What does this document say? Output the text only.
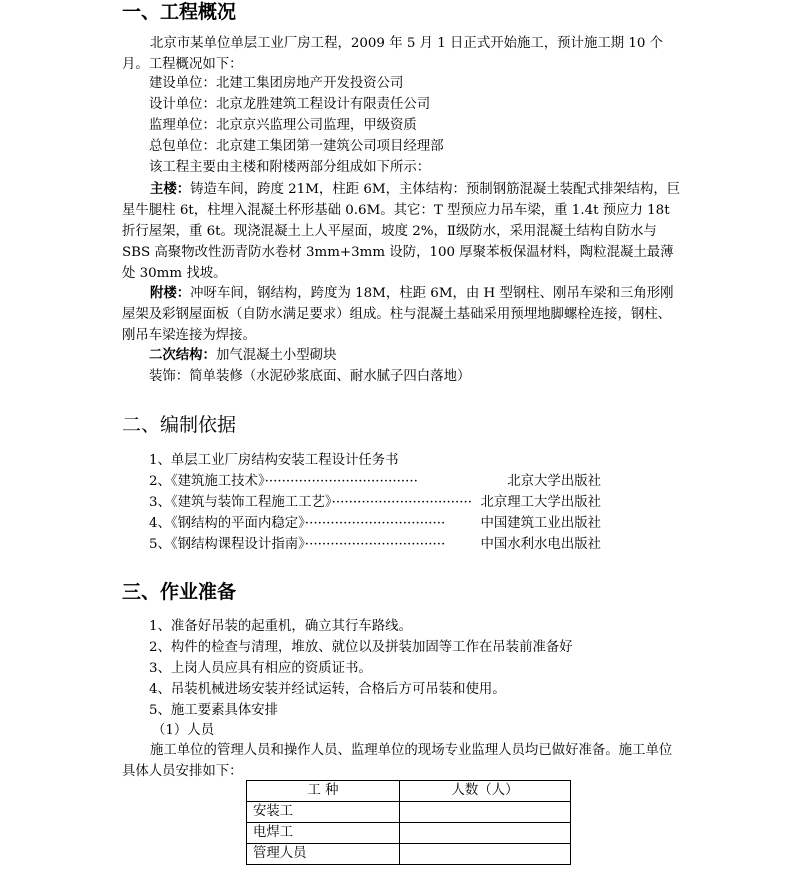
一、工程概况
北京市某单位单层工业厂房工程，2009 年 5 月 1 日正式开始施工，预计施工期 10 个月。工程概况如下：
建设单位：北建工集团房地产开发投资公司
设计单位：北京龙胜建筑工程设计有限责任公司
监理单位：北京京兴监理公司监理，甲级资质
总包单位：北京建工集团第一建筑公司项目经理部
该工程主要由主楼和附楼两部分组成如下所示：
主楼：铸造车间，跨度 21M，柱距 6M，主体结构：预制钢筋混凝土装配式排架结构，巨星牛腿柱 6t，柱埋入混凝土杯形基础 0.6M。其它：T 型预应力吊车梁，重 1.4t 预应力 18t 折行屋架，重 6t。现浇混凝土上人平屋面，坡度 2%，Ⅱ级防水，采用混凝土结构自防水与 SBS 高聚物改性沥青防水卷材 3mm+3mm 设防，100 厚聚苯板保温材料，陶粒混凝土最薄处 30mm 找坡。
附楼：冲呀车间，钢结构，跨度为 18M，柱距 6M，由 H 型钢柱、刚吊车梁和三角形刚屋架及彩钢屋面板（自防水满足要求）组成。柱与混凝土基础采用预埋地脚螺栓连接，钢柱、刚吊车梁连接为焊接。
二次结构：加气混凝土小型砌块
装饰：简单装修（水泥砂浆底面、耐水腻子四白落地）
二、编制依据
1、单层工业厂房结构安装工程设计任务书
2、《建筑施工技术》····································	北京大学出版社
3、《建筑与装饰工程施工工艺》································· 北京理工大学出版社
4、《钢结构的平面内稳定》·································	中国建筑工业出版社
5、《钢结构课程设计指南》·································	中国水利水电出版社
三、作业准备
1、准备好吊装的起重机，确立其行车路线。
2、构件的检查与清理，堆放、就位以及拼装加固等工作在吊装前准备好
3、上岗人员应具有相应的资质证书。
4、吊装机械进场安装并经试运转，合格后方可吊装和使用。
5、施工要素具体安排
（1）人员
施工单位的管理人员和操作人员、监理单位的现场专业监理人员均已做好准备。施工单位具体人员安排如下：
工 种	人数（人）
安装工	
电焊工	
管理人员	
